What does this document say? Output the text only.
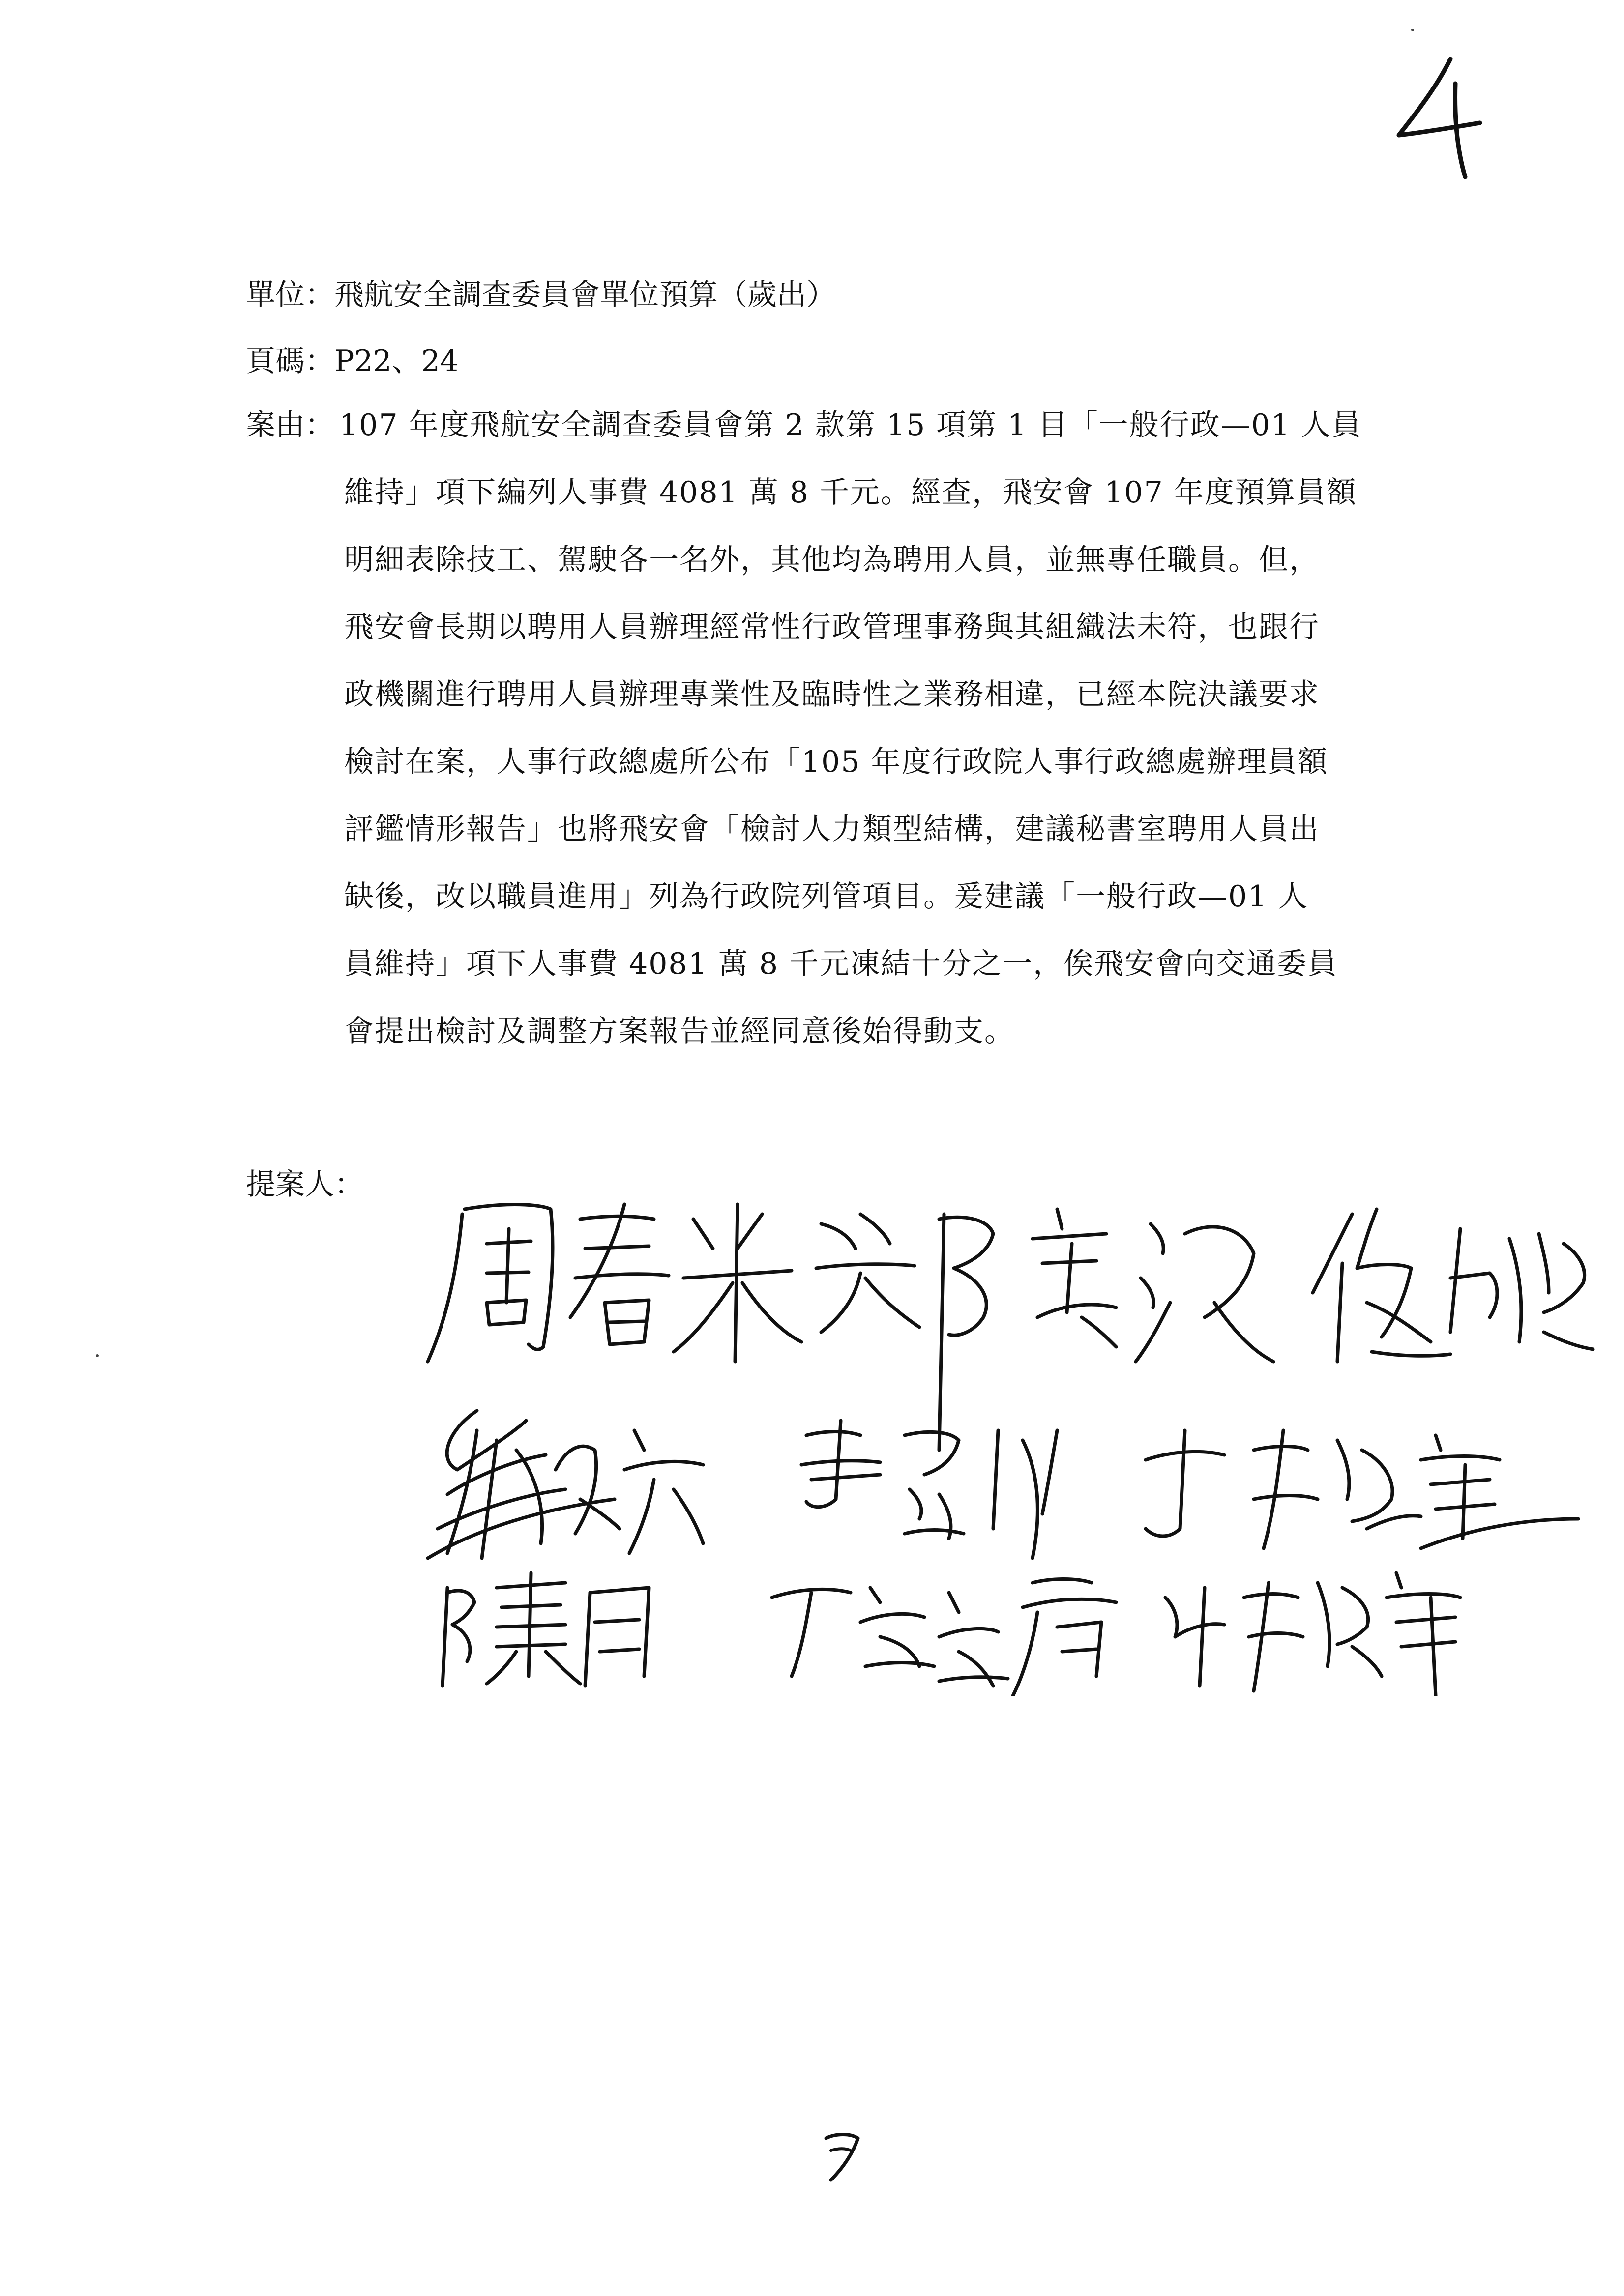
單位：飛航安全調查委員會單位預算（歲出）
頁碼：P22、24
案由： 107 年度飛航安全調查委員會第 2 款第 15 項第 1 目「一般行政—01 人員
維持」項下編列人事費 4081 萬 8 千元。經查，飛安會 107 年度預算員額
明細表除技工、駕駛各一名外，其他均為聘用人員，並無專任職員。但，
飛安會長期以聘用人員辦理經常性行政管理事務與其組織法未符，也跟行
政機關進行聘用人員辦理專業性及臨時性之業務相違，已經本院決議要求
檢討在案，人事行政總處所公布「105 年度行政院人事行政總處辦理員額
評鑑情形報告」也將飛安會「檢討人力類型結構，建議秘書室聘用人員出
缺後，改以職員進用」列為行政院列管項目。爰建議「一般行政—01 人
員維持」項下人事費 4081 萬 8 千元凍結十分之一，俟飛安會向交通委員
會提出檢討及調整方案報告並經同意後始得動支。
提案人：
